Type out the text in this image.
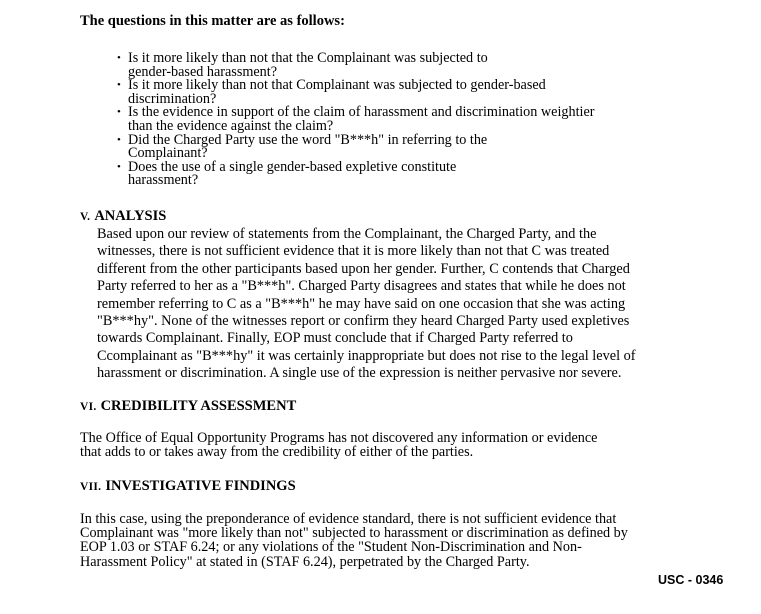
The questions in this matter are as follows:
• Is it more likely than not that the Complainant was subjected to
gender-based harassment?
• Is it more likely than not that Complainant was subjected to gender-based
discrimination?
• Is the evidence in support of the claim of harassment and discrimination weightier
than the evidence against the claim?
• Did the Charged Party use the word "B***h" in referring to the
Complainant?
• Does the use of a single gender-based expletive constitute
harassment?
V. ANALYSIS
Based upon our review of statements from the Complainant, the Charged Party, and the
witnesses, there is not sufficient evidence that it is more likely than not that C was treated
different from the other participants based upon her gender. Further, C contends that Charged
Party referred to her as a "B***h". Charged Party disagrees and states that while he does not
remember referring to C as a "B***h" he may have said on one occasion that she was acting
"B***hy". None of the witnesses report or confirm they heard Charged Party used expletives
towards Complainant. Finally, EOP must conclude that if Charged Party referred to
Ccomplainant as "B***hy" it was certainly inappropriate but does not rise to the legal level of
harassment or discrimination. A single use of the expression is neither pervasive nor severe.
VI. CREDIBILITY ASSESSMENT
The Office of Equal Opportunity Programs has not discovered any information or evidence
that adds to or takes away from the credibility of either of the parties.
VII. INVESTIGATIVE FINDINGS
In this case, using the preponderance of evidence standard, there is not sufficient evidence that
Complainant was "more likely than not" subjected to harassment or discrimination as defined by
EOP 1.03 or STAF 6.24; or any violations of the "Student Non-Discrimination and Non-
Harassment Policy" at stated in (STAF 6.24), perpetrated by the Charged Party.
USC - 0346
